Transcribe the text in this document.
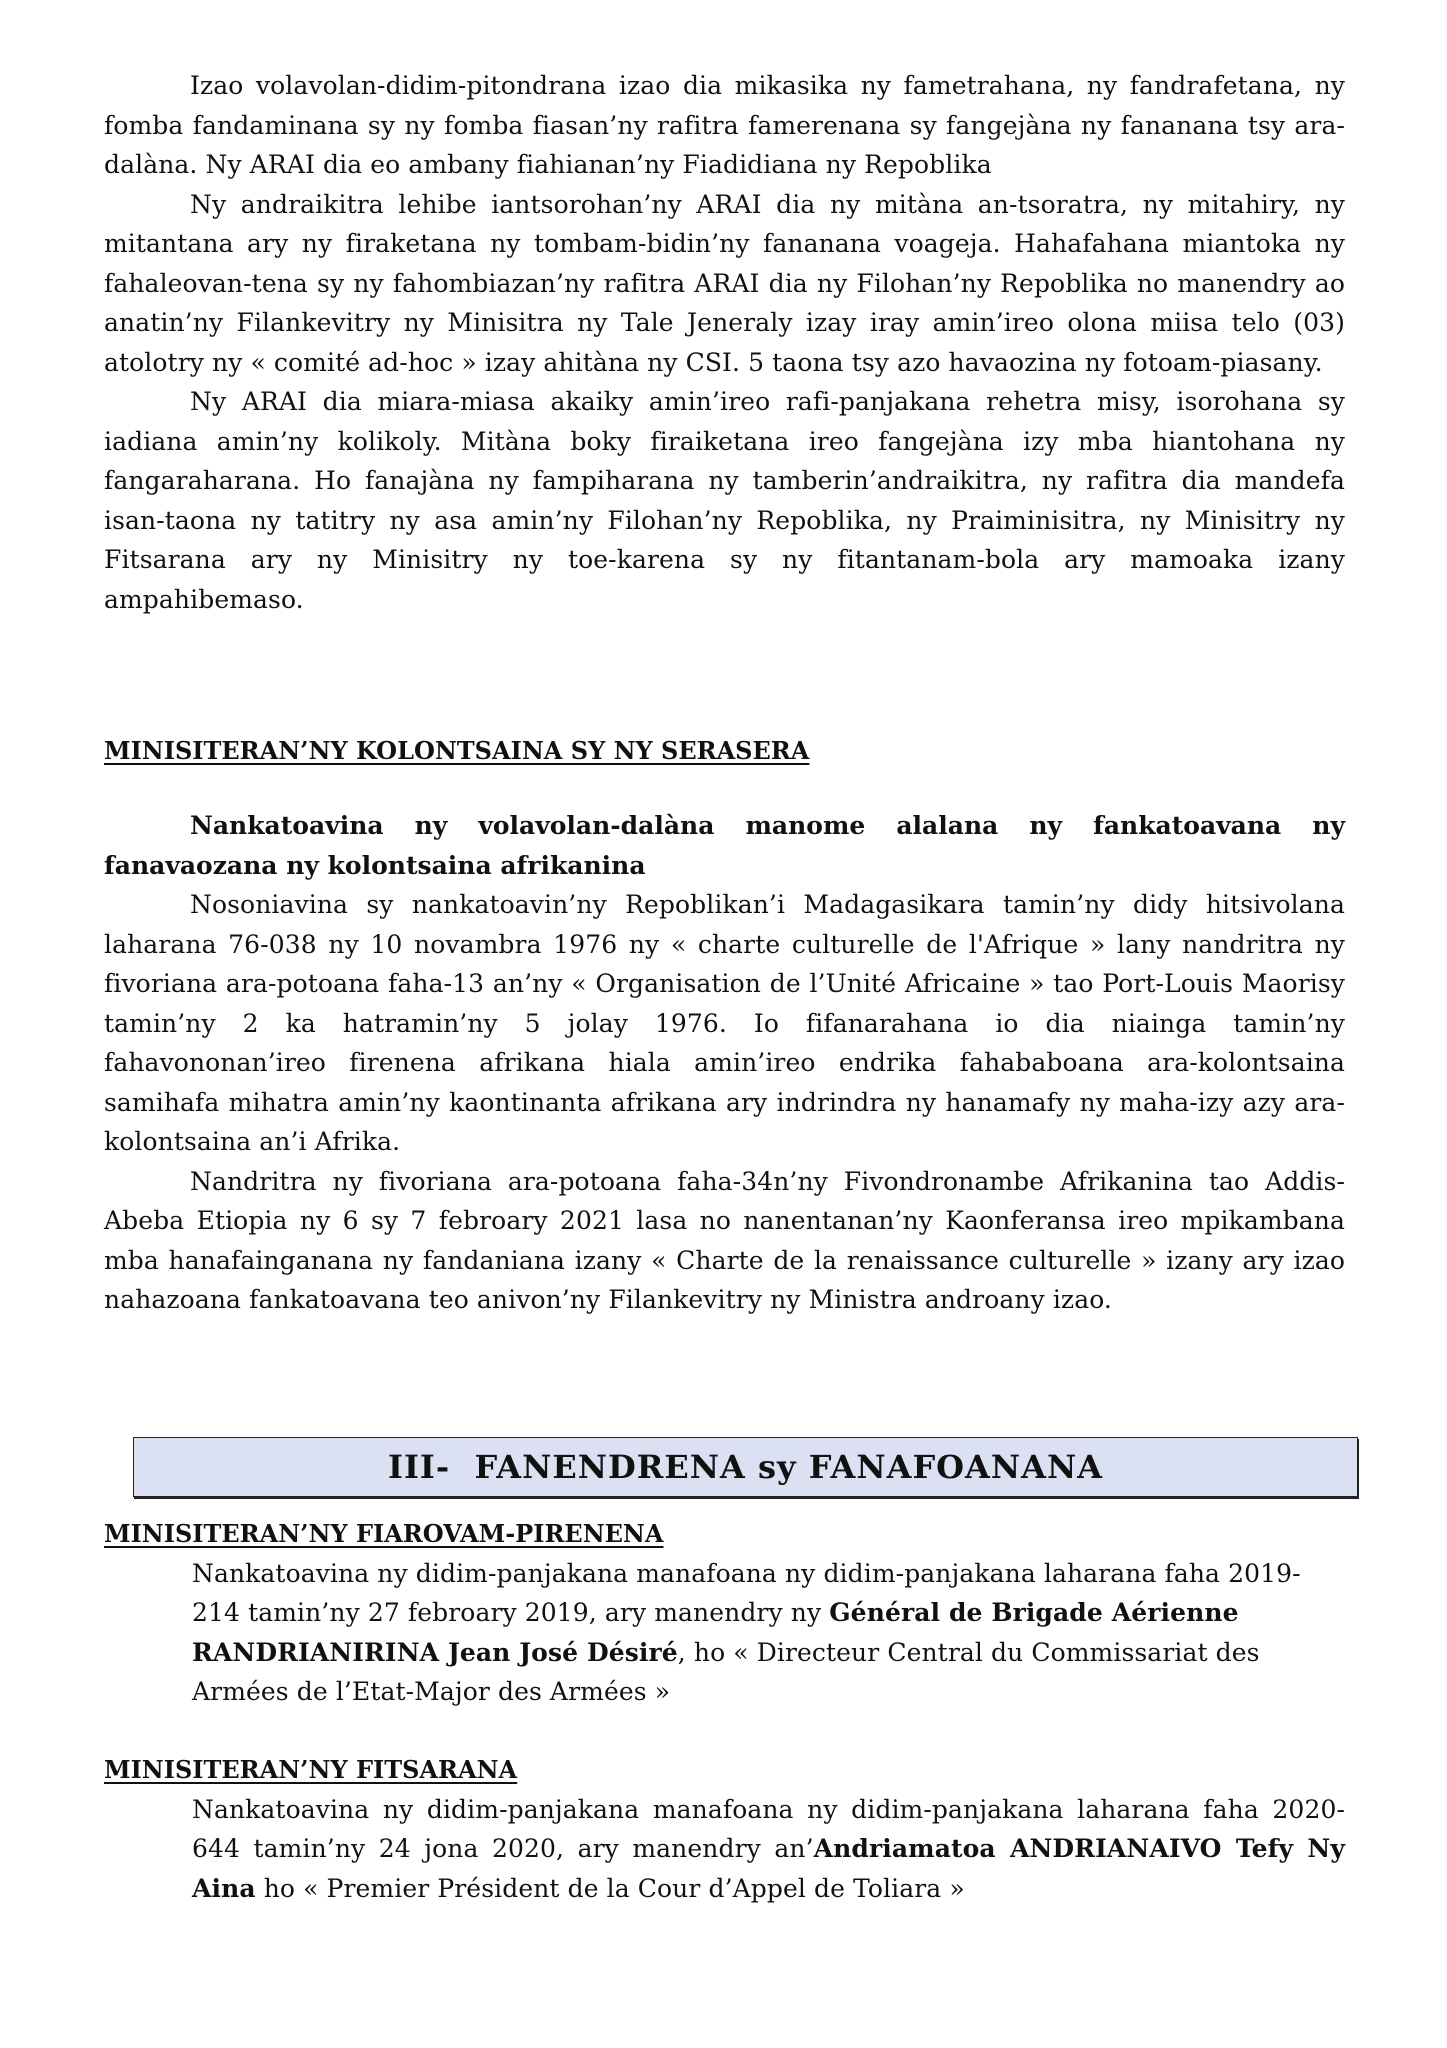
Izao volavolan-didim-pitondrana izao dia mikasika ny fametrahana, ny fandrafetana, ny fomba fandaminana sy ny fomba fiasan’ny rafitra famerenana sy fangejàna ny fananana tsy ara-dalàna. Ny ARAI dia eo ambany fiahianan’ny Fiadidiana ny Repoblika

Ny andraikitra lehibe iantsorohan’ny ARAI dia ny mitàna an-tsoratra, ny mitahiry, ny mitantana ary ny firaketana ny tombam-bidin’ny fananana voageja. Hahafahana miantoka ny fahaleovan-tena sy ny fahombiazan’ny rafitra ARAI dia ny Filohan’ny Repoblika no manendry ao anatin’ny Filankevitry ny Minisitra ny Tale Jeneraly izay iray amin’ireo olona miisa telo (03) atolotry ny « comité ad-hoc » izay ahitàna ny CSI. 5 taona tsy azo havaozina ny fotoam-piasany.

Ny ARAI dia miara-miasa akaiky amin’ireo rafi-panjakana rehetra misy, isorohana sy iadiana amin’ny kolikoly. Mitàna boky firaiketana ireo fangejàna izy mba hiantohana ny fangaraharana. Ho fanajàna ny fampiharana ny tamberin’andraikitra, ny rafitra dia mandefa isan-taona ny tatitry ny asa amin’ny Filohan’ny Repoblika, ny Praiminisitra, ny Minisitry ny Fitsarana ary ny Minisitry ny toe-karena sy ny fitantanam-bola ary mamoaka izany ampahibemaso.

MINISITERAN’NY KOLONTSAINA SY NY SERASERA

Nankatoavina ny volavolan-dalàna manome alalana ny fankatoavana ny fanavaozana ny kolontsaina afrikanina

Nosoniavina sy nankatoavin’ny Repoblikan’i Madagasikara tamin’ny didy hitsivolana laharana 76-038 ny 10 novambra 1976 ny « charte culturelle de l'Afrique » lany nandritra ny fivoriana ara-potoana faha-13 an’ny « Organisation de l’Unité Africaine » tao Port-Louis Maorisy tamin’ny 2 ka hatramin’ny 5 jolay 1976. Io fifanarahana io dia niainga tamin’ny fahavononan’ireo firenena afrikana hiala amin’ireo endrika fahababoana ara-kolontsaina samihafa mihatra amin’ny kaontinanta afrikana ary indrindra ny hanamafy ny maha-izy azy ara-kolontsaina an’i Afrika.

Nandritra ny fivoriana ara-potoana faha-34n’ny Fivondronambe Afrikanina tao Addis-Abeba Etiopia ny 6 sy 7 febroary 2021 lasa no nanentanan’ny Kaonferansa ireo mpikambana mba hanafainganana ny fandaniana izany « Charte de la renaissance culturelle » izany ary izao nahazoana fankatoavana teo anivon’ny Filankevitry ny Ministra androany izao.

MINISITERAN’NY FIAROVAM-PIRENENA

Nankatoavina ny didim-panjakana manafoana ny didim-panjakana laharana faha 2019-214 tamin’ny 27 febroary 2019, ary manendry ny Général de Brigade Aérienne RANDRIANIRINA Jean José Désiré, ho « Directeur Central du Commissariat des Armées de l’Etat-Major des Armées »

MINISITERAN’NY FITSARANA

Nankatoavina ny didim-panjakana manafoana ny didim-panjakana laharana faha 2020-644 tamin’ny 24 jona 2020, ary manendry an’Andriamatoa ANDRIANAIVO Tefy Ny Aina ho « Premier Président de la Cour d’Appel de Toliara »

III-  FANENDRENA sy FANAFOANANA
